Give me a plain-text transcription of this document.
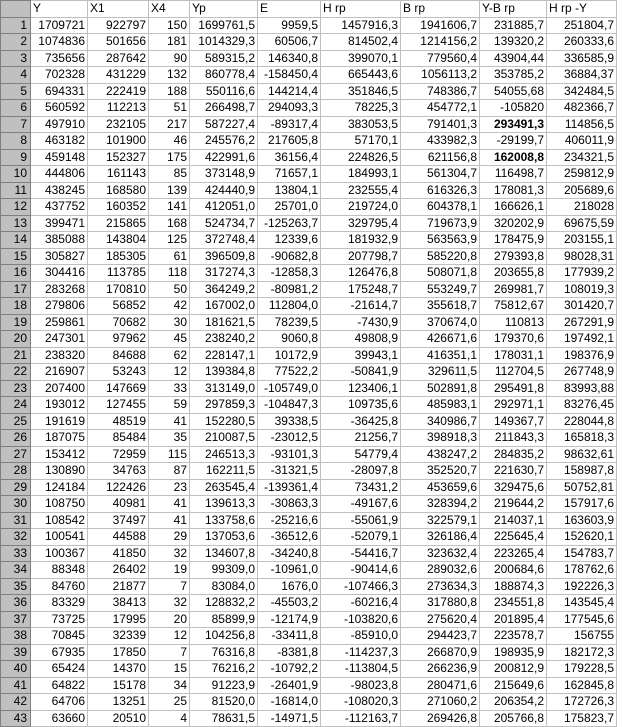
	Y	X1	X4	Yp	E	H rp	B rp	Y-B rp	H rp -Y
1	1709721	922797	150	1699761,5	9959,5	1457916,3	1941606,7	231885,7	251804,7
2	1074836	501656	181	1014329,3	60506,7	814502,4	1214156,2	139320,2	260333,6
3	735656	287642	90	589315,2	146340,8	399070,1	779560,4	43904,44	336585,9
4	702328	431229	132	860778,4	-158450,4	665443,6	1056113,2	353785,2	36884,37
5	694331	222419	188	550116,6	144214,4	351846,5	748386,7	54055,68	342484,5
6	560592	112213	51	266498,7	294093,3	78225,3	454772,1	-105820	482366,7
7	497910	232105	217	587227,4	-89317,4	383053,5	791401,3	293491,3	114856,5
8	463182	101900	46	245576,2	217605,8	57170,1	433982,3	-29199,7	406011,9
9	459148	152327	175	422991,6	36156,4	224826,5	621156,8	162008,8	234321,5
10	444806	161143	85	373148,9	71657,1	184993,1	561304,7	116498,7	259812,9
11	438245	168580	139	424440,9	13804,1	232555,4	616326,3	178081,3	205689,6
12	437752	160352	141	412051,0	25701,0	219724,0	604378,1	166626,1	218028
13	399471	215865	168	524734,7	-125263,7	329795,4	719673,9	320202,9	69675,59
14	385088	143804	125	372748,4	12339,6	181932,9	563563,9	178475,9	203155,1
15	305827	185305	61	396509,8	-90682,8	207798,7	585220,8	279393,8	98028,31
16	304416	113785	118	317274,3	-12858,3	126476,8	508071,8	203655,8	177939,2
17	283268	170810	50	364249,2	-80981,2	175248,7	553249,7	269981,7	108019,3
18	279806	56852	42	167002,0	112804,0	-21614,7	355618,7	75812,67	301420,7
19	259861	70682	30	181621,5	78239,5	-7430,9	370674,0	110813	267291,9
20	247301	97962	45	238240,2	9060,8	49808,9	426671,6	179370,6	197492,1
21	238320	84688	62	228147,1	10172,9	39943,1	416351,1	178031,1	198376,9
22	216907	53243	12	139384,8	77522,2	-50841,9	329611,5	112704,5	267748,9
23	207400	147669	33	313149,0	-105749,0	123406,1	502891,8	295491,8	83993,88
24	193012	127455	59	297859,3	-104847,3	109735,6	485983,1	292971,1	83276,45
25	191619	48519	41	152280,5	39338,5	-36425,8	340986,7	149367,7	228044,8
26	187075	85484	35	210087,5	-23012,5	21256,7	398918,3	211843,3	165818,3
27	153412	72959	115	246513,3	-93101,3	54779,4	438247,2	284835,2	98632,61
28	130890	34763	87	162211,5	-31321,5	-28097,8	352520,7	221630,7	158987,8
29	124184	122426	23	263545,4	-139361,4	73431,2	453659,6	329475,6	50752,81
30	108750	40981	41	139613,3	-30863,3	-49167,6	328394,2	219644,2	157917,6
31	108542	37497	41	133758,6	-25216,6	-55061,9	322579,1	214037,1	163603,9
32	100541	44588	29	137053,6	-36512,6	-52079,1	326186,4	225645,4	152620,1
33	100367	41850	32	134607,8	-34240,8	-54416,7	323632,4	223265,4	154783,7
34	88348	26402	19	99309,0	-10961,0	-90414,6	289032,6	200684,6	178762,6
35	84760	21877	7	83084,0	1676,0	-107466,3	273634,3	188874,3	192226,3
36	83329	38413	32	128832,2	-45503,2	-60216,4	317880,8	234551,8	143545,4
37	73725	17995	20	85899,9	-12174,9	-103820,6	275620,4	201895,4	177545,6
38	70845	32339	12	104256,8	-33411,8	-85910,0	294423,7	223578,7	156755
39	67935	17850	7	76316,8	-8381,8	-114237,3	266870,9	198935,9	182172,3
40	65424	14370	15	76216,2	-10792,2	-113804,5	266236,9	200812,9	179228,5
41	64822	15178	34	91223,9	-26401,9	-98023,8	280471,6	215649,6	162845,8
42	64706	13251	25	81520,0	-16814,0	-108020,3	271060,2	206354,2	172726,3
43	63660	20510	4	78631,5	-14971,5	-112163,7	269426,8	205766,8	175823,7
